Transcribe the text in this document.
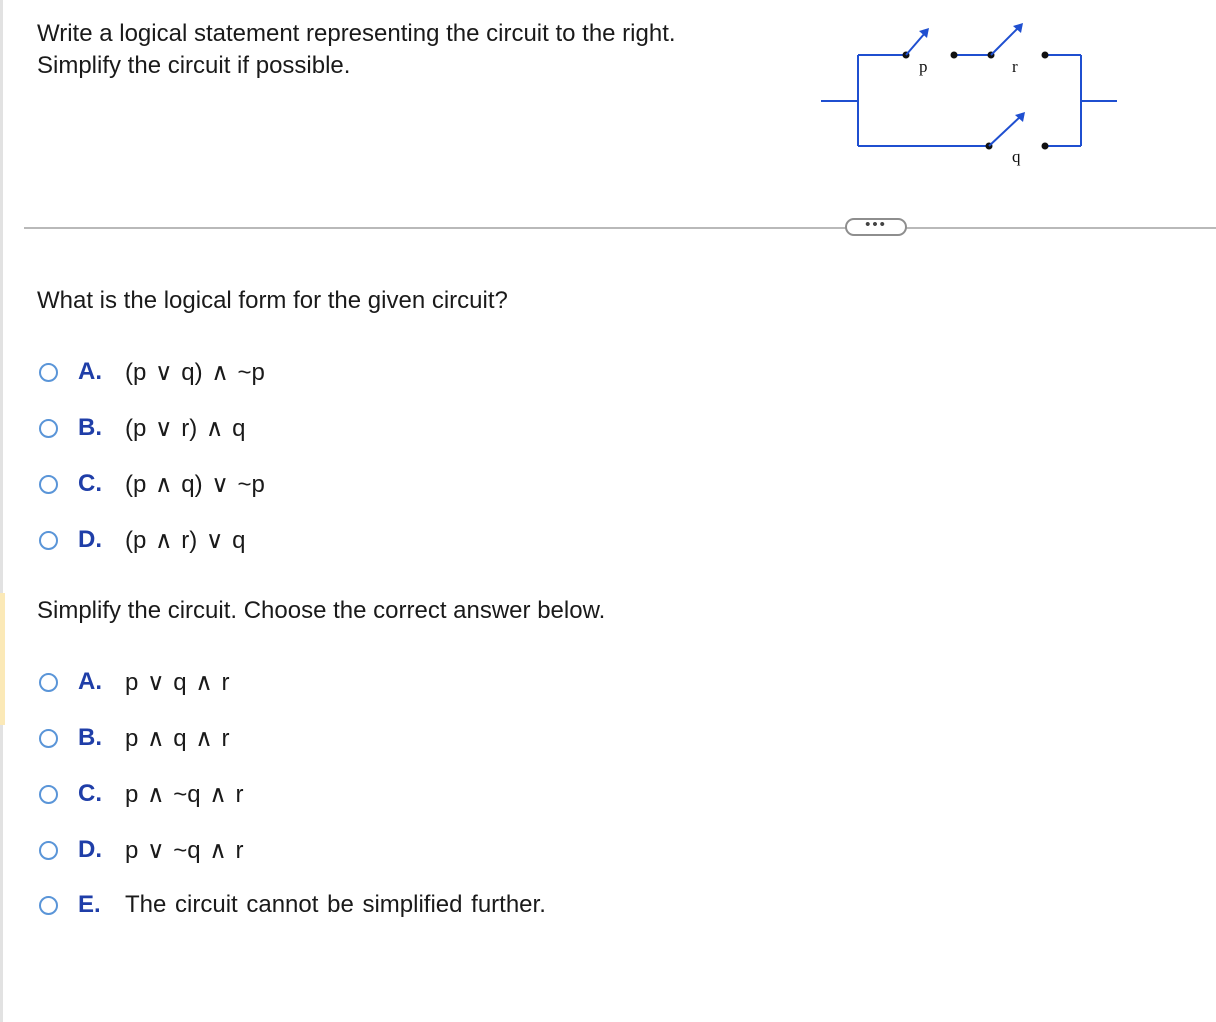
Write a logical statement representing the circuit to the right.
Simplify the circuit if possible.	p	r
q
•••
What is the logical form for the given circuit?
A. (p ∨ q) ∧ ~p
B. (p ∨ r) ∧ q
C. (p ∧ q) ∨ ~p
D. (p ∧ r) ∨ q
Simplify the circuit. Choose the correct answer below.
A. p ∨ q ∧ r
B. p ∧ q ∧ r
C. p ∧ ~q ∧ r
D. p ∨ ~q ∧ r
E.	The circuit cannot be simplified further.
